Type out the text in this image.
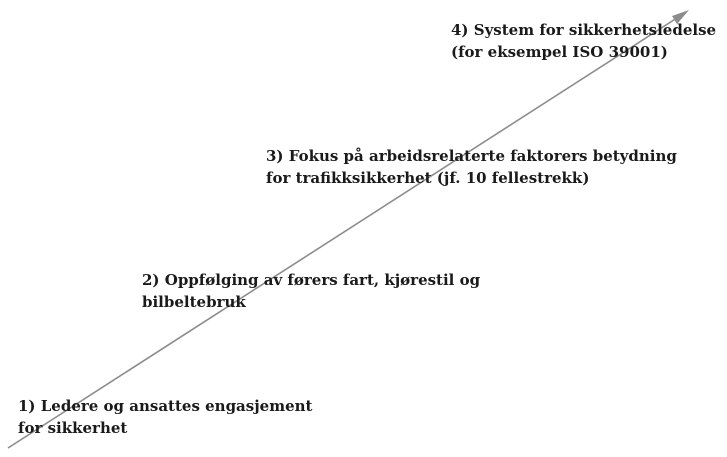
1) Ledere og ansattes engasjement
for sikkerhet
2) Oppfølging av førers fart, kjørestil og
bilbeltebruk
3) Fokus på arbeidsrelaterte faktorers betydning
for trafikksikkerhet (jf. 10 fellestrekk)
4) System for sikkerhetsledelse
(for eksempel ISO 39001)
